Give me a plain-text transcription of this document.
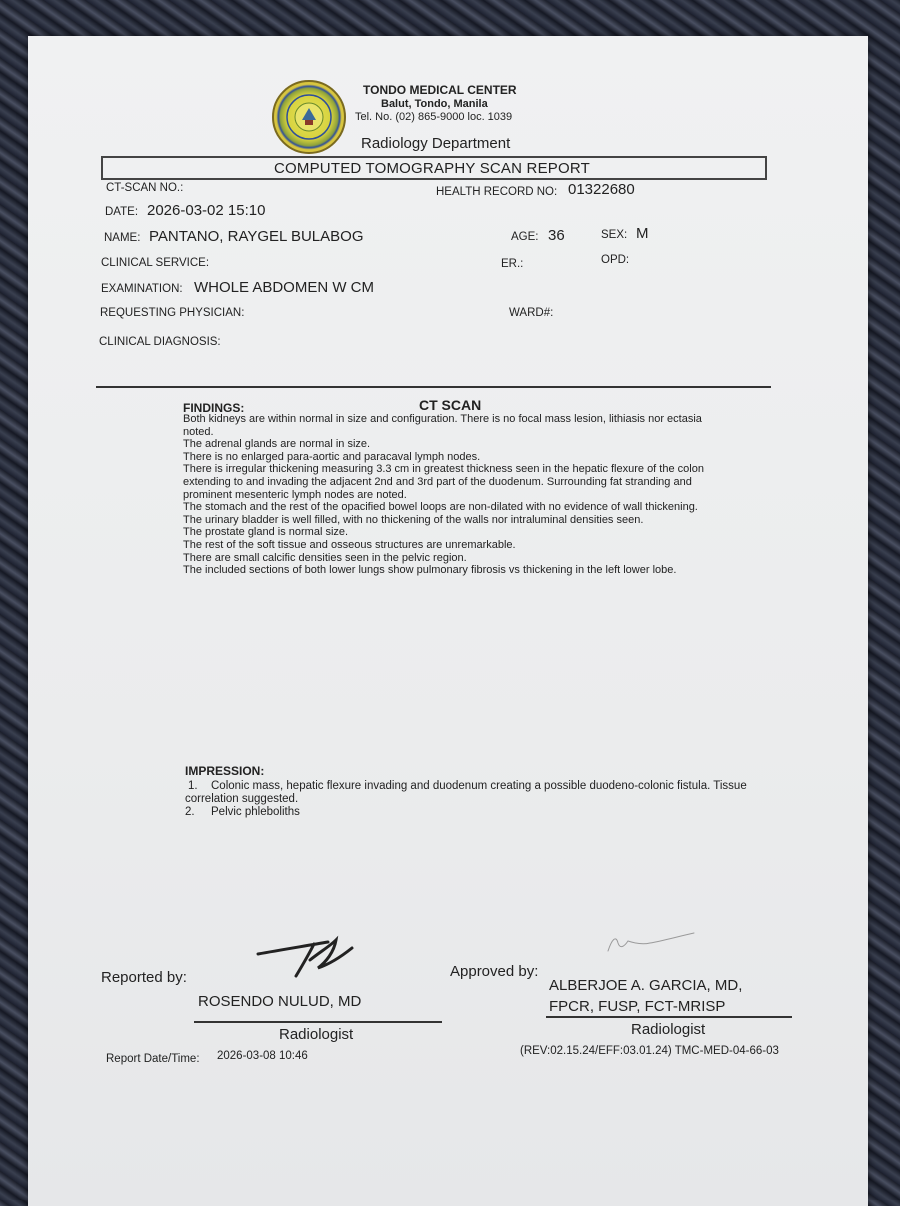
TONDO MEDICAL CENTER
Balut, Tondo, Manila
Tel. No. (02) 865-9000 loc. 1039
Radiology Department
COMPUTED TOMOGRAPHY SCAN REPORT
CT-SCAN NO.:	HEALTH RECORD NO: 01322680
DATE: 2026-03-02 15:10
NAME: PANTANO, RAYGEL BULABOG	AGE: 36	SEX: M
CLINICAL SERVICE:	ER.:	OPD:
EXAMINATION: WHOLE ABDOMEN W CM
REQUESTING PHYSICIAN:	WARD#:
CLINICAL DIAGNOSIS:
FINDINGS:	CT SCAN

Both kidneys are within normal in size and configuration. There is no focal mass lesion, lithiasis nor ectasia

noted.

The adrenal glands are normal in size.

There is no enlarged para-aortic and paracaval lymph nodes.

There is irregular thickening measuring 3.3 cm in greatest thickness seen in the hepatic flexure of the colon

extending to and invading the adjacent 2nd and 3rd part of the duodenum. Surrounding fat stranding and

prominent mesenteric lymph nodes are noted.

The stomach and the rest of the opacified bowel loops are non-dilated with no evidence of wall thickening.

The urinary bladder is well filled, with no thickening of the walls nor intraluminal densities seen.

The prostate gland is normal size.

The rest of the soft tissue and osseous structures are unremarkable.

There are small calcific densities seen in the pelvic region.

The included sections of both lower lungs show pulmonary fibrosis vs thickening in the left lower lobe.

IMPRESSION:
1. Colonic mass, hepatic flexure invading and duodenum creating a possible duodeno-colonic fistula. Tissue
correlation suggested.
2. Pelvic phleboliths
Reported by:
ROSENDO NULUD, MD
Radiologist
Approved by:
ALBERJOE A. GARCIA, MD,
FPCR, FUSP, FCT-MRISP
Radiologist
Report Date/Time: 2026-03-08 10:46	(REV:02.15.24/EFF:03.01.24) TMC-MED-04-66-03
